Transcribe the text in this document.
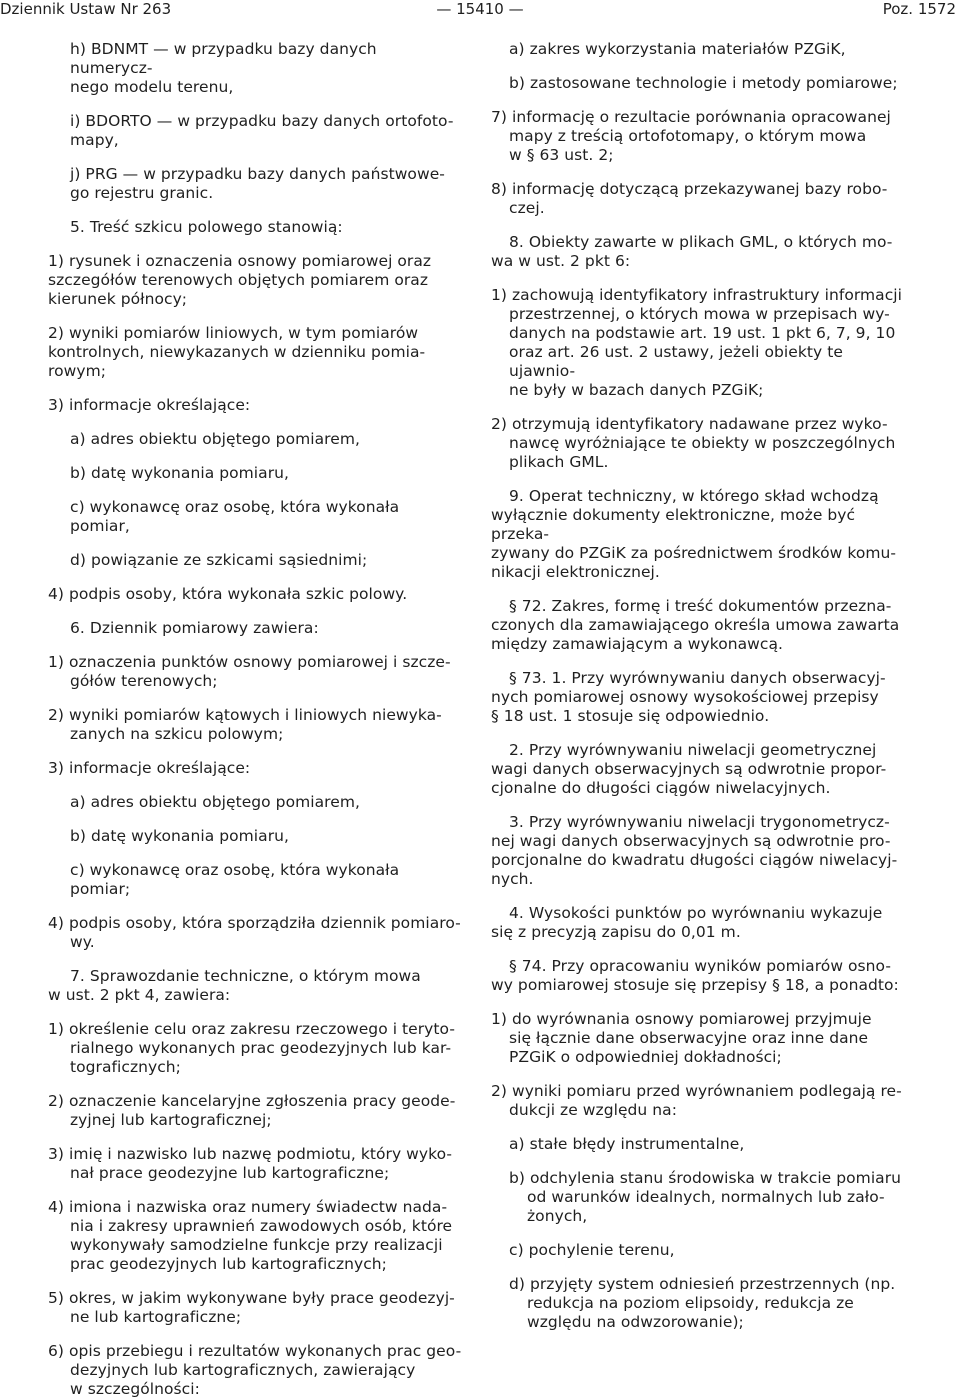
Dziennik Ustaw Nr 263	— 15410 —	Poz. 1572
h) BDNMT — w przypadku bazy danych numerycz-
nego modelu terenu,
i) BDORTO — w przypadku bazy danych ortofoto-
mapy,
j) PRG — w przypadku bazy danych państwowe-
go rejestru granic.
5. Treść szkicu polowego stanowią:
1) rysunek i oznaczenia osnowy pomiarowej oraz
szczegółów terenowych objętych pomiarem oraz
kierunek północy;
2) wyniki pomiarów liniowych, w tym pomiarów
kontrolnych, niewykazanych w dzienniku pomia-
rowym;
3) informacje określające:
a) adres obiektu objętego pomiarem,
b) datę wykonania pomiaru,
c) wykonawcę oraz osobę, która wykonała pomiar,
d) powiązanie ze szkicami sąsiednimi;
4) podpis osoby, która wykonała szkic polowy.
6. Dziennik pomiarowy zawiera:
1) oznaczenia punktów osnowy pomiarowej i szcze-
gółów terenowych;
2) wyniki pomiarów kątowych i liniowych niewyka-
zanych na szkicu polowym;
3) informacje określające:
a) adres obiektu objętego pomiarem,
b) datę wykonania pomiaru,
c) wykonawcę oraz osobę, która wykonała pomiar;
4) podpis osoby, która sporządziła dziennik pomiaro-
wy.
7. Sprawozdanie techniczne, o którym mowa
w ust. 2 pkt 4, zawiera:
1) określenie celu oraz zakresu rzeczowego i teryto-
rialnego wykonanych prac geodezyjnych lub kar-
tograficznych;
2) oznaczenie kancelaryjne zgłoszenia pracy geode-
zyjnej lub kartograficznej;
3) imię i nazwisko lub nazwę podmiotu, który wyko-
nał prace geodezyjne lub kartograficzne;
4) imiona i nazwiska oraz numery świadectw nada-
nia i zakresy uprawnień zawodowych osób, które
wykonywały samodzielne funkcje przy realizacji
prac geodezyjnych lub kartograficznych;
5) okres, w jakim wykonywane były prace geodezyj-
ne lub kartograficzne;
6) opis przebiegu i rezultatów wykonanych prac geo-
dezyjnych lub kartograficznych, zawierający
w szczególności:
a) zakres wykorzystania materiałów PZGiK,
b) zastosowane technologie i metody pomiarowe;
7) informację o rezultacie porównania opracowanej
mapy z treścią ortofotomapy, o którym mowa
w § 63 ust. 2;
8) informację dotyczącą przekazywanej bazy robo-
czej.
8. Obiekty zawarte w plikach GML, o których mo-
wa w ust. 2 pkt 6:
1) zachowują identyfikatory infrastruktury informacji
przestrzennej, o których mowa w przepisach wy-
danych na podstawie art. 19 ust. 1 pkt 6, 7, 9, 10
oraz art. 26 ust. 2 ustawy, jeżeli obiekty te ujawnio-
ne były w bazach danych PZGiK;
2) otrzymują identyfikatory nadawane przez wyko-
nawcę wyróżniające te obiekty w poszczególnych
plikach GML.
9. Operat techniczny, w którego skład wchodzą
wyłącznie dokumenty elektroniczne, może być przeka-
zywany do PZGiK za pośrednictwem środków komu-
nikacji elektronicznej.
§ 72. Zakres, formę i treść dokumentów przezna-
czonych dla zamawiającego określa umowa zawarta
między zamawiającym a wykonawcą.
§ 73. 1. Przy wyrównywaniu danych obserwacyj-
nych pomiarowej osnowy wysokościowej przepisy
§ 18 ust. 1 stosuje się odpowiednio.
2. Przy wyrównywaniu niwelacji geometrycznej
wagi danych obserwacyjnych są odwrotnie propor-
cjonalne do długości ciągów niwelacyjnych.
3. Przy wyrównywaniu niwelacji trygonometrycz-
nej wagi danych obserwacyjnych są odwrotnie pro-
porcjonalne do kwadratu długości ciągów niwelacyj-
nych.
4. Wysokości punktów po wyrównaniu wykazuje
się z precyzją zapisu do 0,01 m.
§ 74. Przy opracowaniu wyników pomiarów osno-
wy pomiarowej stosuje się przepisy § 18, a ponadto:
1) do wyrównania osnowy pomiarowej przyjmuje
się łącznie dane obserwacyjne oraz inne dane
PZGiK o odpowiedniej dokładności;
2) wyniki pomiaru przed wyrównaniem podlegają re-
dukcji ze względu na:
a) stałe błędy instrumentalne,
b) odchylenia stanu środowiska w trakcie pomiaru
od warunków idealnych, normalnych lub zało-
żonych,
c) pochylenie terenu,
d) przyjęty system odniesień przestrzennych (np.
redukcja na poziom elipsoidy, redukcja ze
względu na odwzorowanie);
